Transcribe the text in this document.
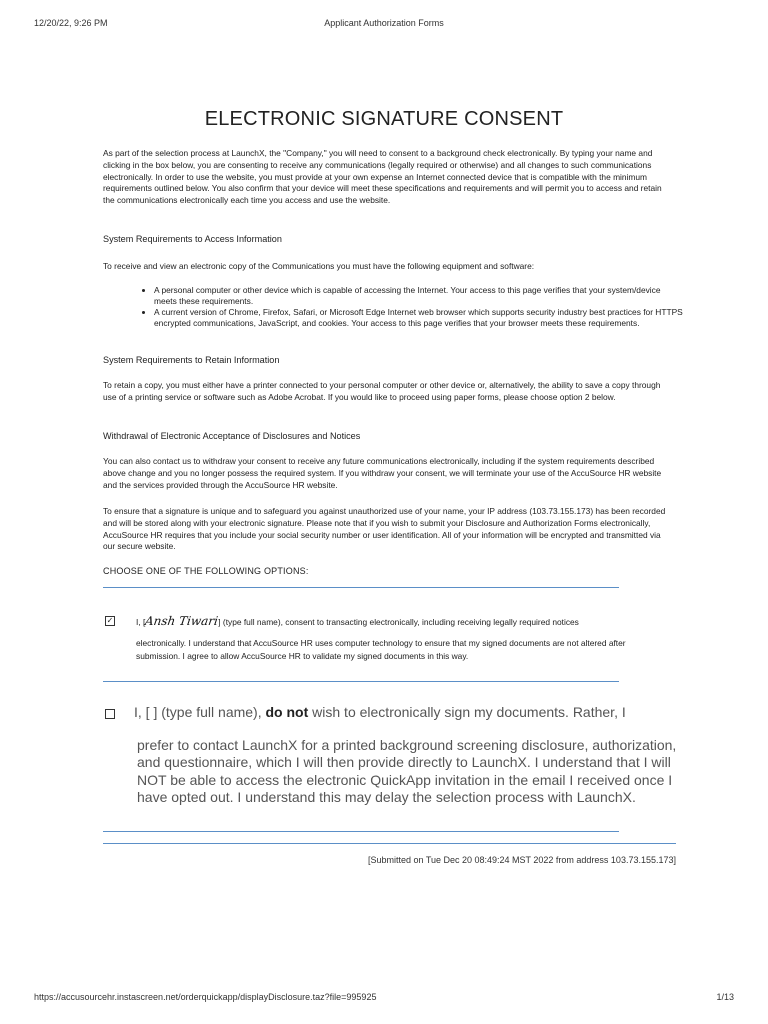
12/20/22, 9:26 PM	Applicant Authorization Forms
ELECTRONIC SIGNATURE CONSENT
As part of the selection process at LaunchX, the "Company," you will need to consent to a background check electronically. By typing your name and clicking in the box below, you are consenting to receive any communications (legally required or otherwise) and all changes to such communications electronically. In order to use the website, you must provide at your own expense an Internet connected device that is compatible with the minimum requirements outlined below. You also confirm that your device will meet these specifications and requirements and will permit you to access and retain the communications electronically each time you access and use the website.
System Requirements to Access Information
To receive and view an electronic copy of the Communications you must have the following equipment and software:
• A personal computer or other device which is capable of accessing the Internet. Your access to this page verifies that your system/device meets these requirements.
• A current version of Chrome, Firefox, Safari, or Microsoft Edge Internet web browser which supports security industry best practices for HTTPS encrypted communications, JavaScript, and cookies. Your access to this page verifies that your browser meets these requirements.
System Requirements to Retain Information
To retain a copy, you must either have a printer connected to your personal computer or other device or, alternatively, the ability to save a copy through use of a printing service or software such as Adobe Acrobat. If you would like to proceed using paper forms, please choose option 2 below.
Withdrawal of Electronic Acceptance of Disclosures and Notices
You can also contact us to withdraw your consent to receive any future communications electronically, including if the system requirements described above change and you no longer possess the required system. If you withdraw your consent, we will terminate your use of the AccuSource HR website and the services provided through the AccuSource HR website.
To ensure that a signature is unique and to safeguard you against unauthorized use of your name, your IP address (103.73.155.173) has been recorded and will be stored along with your electronic signature. Please note that if you wish to submit your Disclosure and Authorization Forms electronically, AccuSource HR requires that you include your social security number or user identification. All of your information will be encrypted and transmitted via our secure website.
CHOOSE ONE OF THE FOLLOWING OPTIONS:
✓	I, [Ansh Tiwari] (type full name), consent to transacting electronically, including receiving legally required notices
electronically. I understand that AccuSource HR uses computer technology to ensure that my signed documents are not altered after submission. I agree to allow AccuSource HR to validate my signed documents in this way.
I, [ ] (type full name), do not wish to electronically sign my documents. Rather, I
prefer to contact LaunchX for a printed background screening disclosure, authorization, and questionnaire, which I will then provide directly to LaunchX. I understand that I will NOT be able to access the electronic QuickApp invitation in the email I received once I have opted out. I understand this may delay the selection process with LaunchX.
[Submitted on Tue Dec 20 08:49:24 MST 2022 from address 103.73.155.173]
https://accusourcehr.instascreen.net/orderquickapp/displayDisclosure.taz?file=995925	1/13
